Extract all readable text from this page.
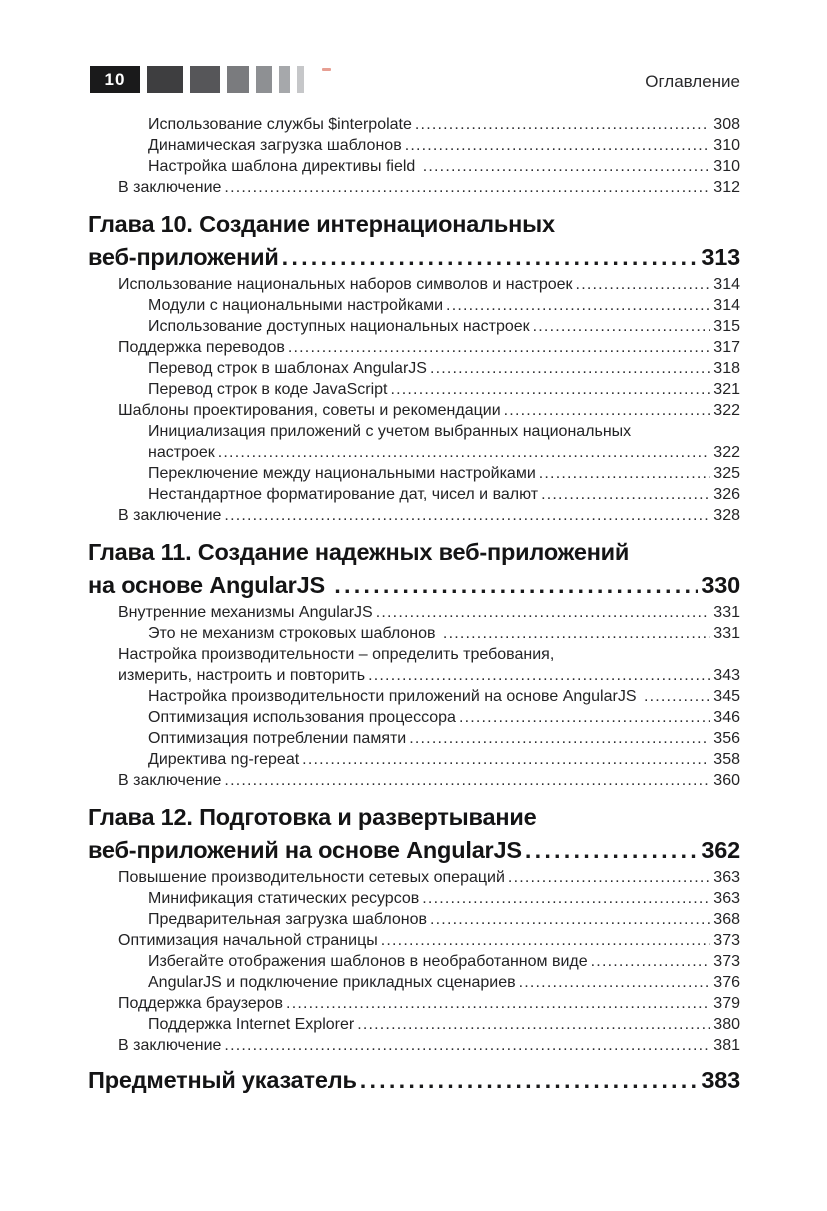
10	Оглавление
Использование службы $interpolate .....	308
Динамическая загрузка шаблонов .....	310
Настройка шаблона директивы field .....	310
В заключение .....	312
Глава 10. Создание интернациональных
веб-приложений .....	313
Использование национальных наборов символов и настроек .....	314
Модули с национальными настройками .....	314
Использование доступных национальных настроек .....	315
Поддержка переводов .....	317
Перевод строк в шаблонах AngularJS .....	318
Перевод строк в коде JavaScript .....	321
Шаблоны проектирования, советы и рекомендации .....	322
Инициализация приложений с учетом выбранных национальных
настроек .....	322
Переключение между национальными настройками .....	325
Нестандартное форматирование дат, чисел и валют .....	326
В заключение .....	328
Глава 11. Создание надежных веб-приложений
на основе AngularJS .....	330
Внутренние механизмы AngularJS .....	331
Это не механизм строковых шаблонов .....	331
Настройка производительности – определить требования,
измерить, настроить и повторить .....	343
Настройка производительности приложений на основе AngularJS .....	345
Оптимизация использования процессора .....	346
Оптимизация потреблении памяти .....	356
Директива ng-repeat .....	358
В заключение .....	360
Глава 12. Подготовка и развертывание
веб-приложений на основе AngularJS .....	362
Повышение производительности сетевых операций .....	363
Минификация статических ресурсов .....	363
Предварительная загрузка шаблонов .....	368
Оптимизация начальной страницы .....	373
Избегайте отображения шаблонов в необработанном виде .....	373
AngularJS и подключение прикладных сценариев .....	376
Поддержка браузеров .....	379
Поддержка Internet Explorer .....	380
В заключение .....	381
Предметный указатель .....	383
